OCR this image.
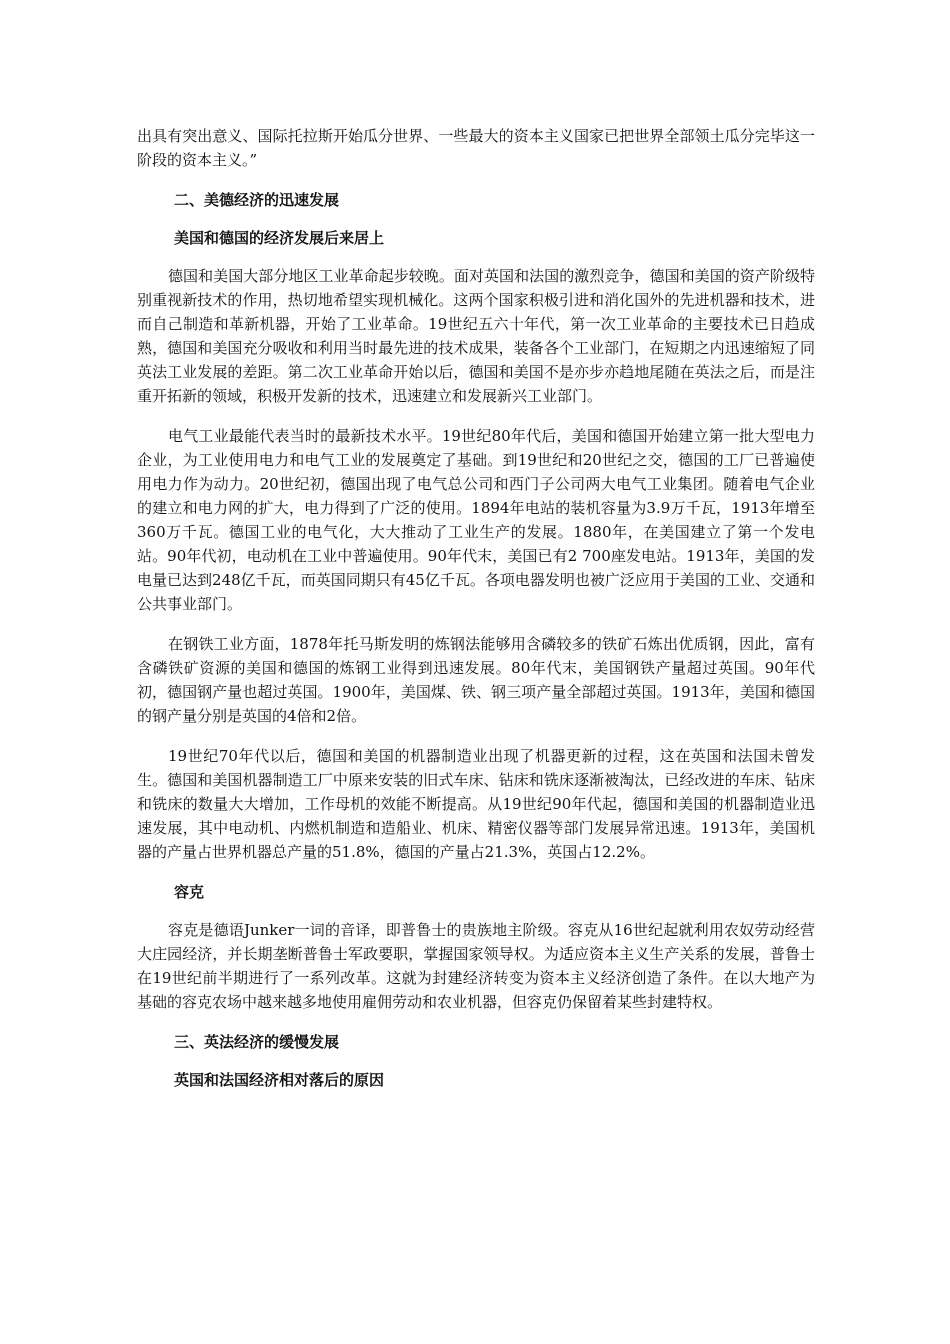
出具有突出意义、国际托拉斯开始瓜分世界、一些最大的资本主义国家已把世界全部领土瓜分完毕这一阶段的资本主义。”

二、美德经济的迅速发展

美国和德国的经济发展后来居上

德国和美国大部分地区工业革命起步较晚。面对英国和法国的激烈竞争，德国和美国的资产阶级特别重视新技术的作用，热切地希望实现机械化。这两个国家积极引进和消化国外的先进机器和技术，进而自己制造和革新机器，开始了工业革命。19世纪五六十年代，第一次工业革命的主要技术已日趋成熟，德国和美国充分吸收和利用当时最先进的技术成果，装备各个工业部门，在短期之内迅速缩短了同英法工业发展的差距。第二次工业革命开始以后，德国和美国不是亦步亦趋地尾随在英法之后，而是注重开拓新的领域，积极开发新的技术，迅速建立和发展新兴工业部门。

电气工业最能代表当时的最新技术水平。19世纪80年代后，美国和德国开始建立第一批大型电力企业，为工业使用电力和电气工业的发展奠定了基础。到19世纪和20世纪之交，德国的工厂已普遍使用电力作为动力。20世纪初，德国出现了电气总公司和西门子公司两大电气工业集团。随着电气企业的建立和电力网的扩大，电力得到了广泛的使用。1894年电站的装机容量为3.9万千瓦，1913年增至360万千瓦。德国工业的电气化，大大推动了工业生产的发展。1880年，在美国建立了第一个发电站。90年代初，电动机在工业中普遍使用。90年代末，美国已有2 700座发电站。1913年，美国的发电量已达到248亿千瓦，而英国同期只有45亿千瓦。各项电器发明也被广泛应用于美国的工业、交通和公共事业部门。

在钢铁工业方面，1878年托马斯发明的炼钢法能够用含磷较多的铁矿石炼出优质钢，因此，富有含磷铁矿资源的美国和德国的炼钢工业得到迅速发展。80年代末，美国钢铁产量超过英国。90年代初，德国钢产量也超过英国。1900年，美国煤、铁、钢三项产量全部超过英国。1913年，美国和德国的钢产量分别是英国的4倍和2倍。

19世纪70年代以后，德国和美国的机器制造业出现了机器更新的过程，这在英国和法国未曾发生。德国和美国机器制造工厂中原来安装的旧式车床、钻床和铣床逐渐被淘汰，已经改进的车床、钻床和铣床的数量大大增加，工作母机的效能不断提高。从19世纪90年代起，德国和美国的机器制造业迅速发展，其中电动机、内燃机制造和造船业、机床、精密仪器等部门发展异常迅速。1913年，美国机器的产量占世界机器总产量的51.8%，德国的产量占21.3%，英国占12.2%。

容克

容克是德语Junker一词的音译，即普鲁士的贵族地主阶级。容克从16世纪起就利用农奴劳动经营大庄园经济，并长期垄断普鲁士军政要职，掌握国家领导权。为适应资本主义生产关系的发展，普鲁士在19世纪前半期进行了一系列改革。这就为封建经济转变为资本主义经济创造了条件。在以大地产为基础的容克农场中越来越多地使用雇佣劳动和农业机器，但容克仍保留着某些封建特权。

三、英法经济的缓慢发展

英国和法国经济相对落后的原因
